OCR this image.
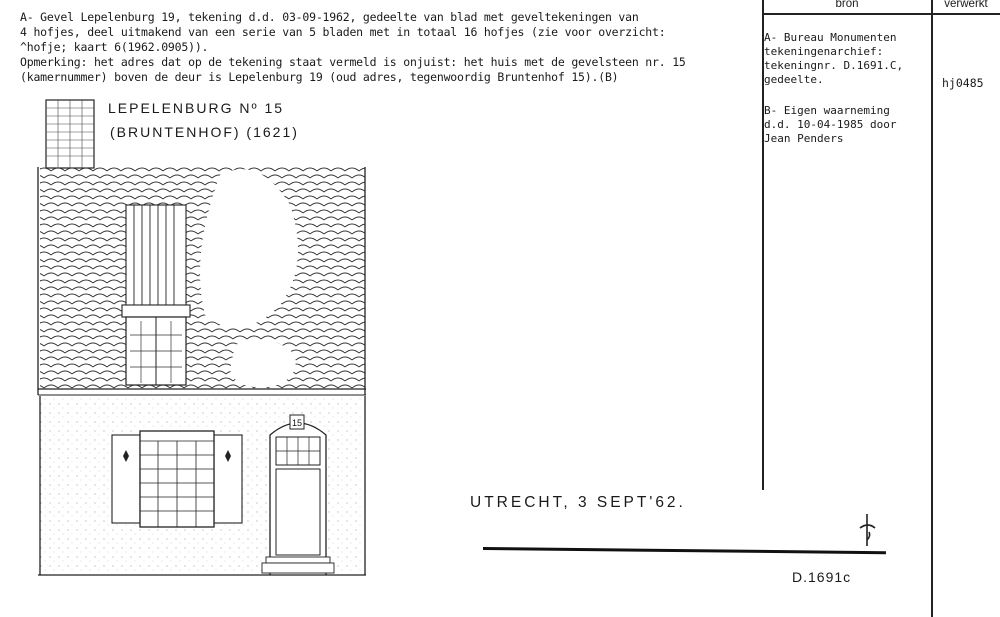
A- Gevel Lepelenburg 19, tekening d.d. 03-09-1962, gedeelte van blad met geveltekeningen van
4 hofjes, deel uitmakend van een serie van 5 bladen met in totaal 16 hofjes (zie voor overzicht:
^hofje; kaart 6(1962.0905)).
Opmerking: het adres dat op de tekening staat vermeld is onjuist: het huis met de gevelsteen nr. 15
(kamernummer) boven de deur is Lepelenburg 19 (oud adres, tegenwoordig Bruntenhof 15).(B)
bron	verwerkt
A- Bureau Monumenten
tekeningenarchief:
tekeningnr. D.1691.C,
gedeelte.	hj0485
B- Eigen waarneming
d.d. 10-04-1985 door
Jean Penders
LEPELENBURG Nº 15
(BRUNTENHOF) (1621)
15
UTRECHT, 3 SEPT'62.
D.1691c
